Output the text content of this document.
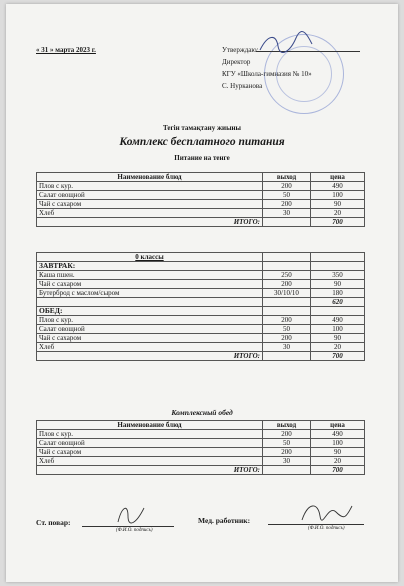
« 31 » марта 2023 г.	Утверждаю:
Директор
КГУ «Школа-гимназия № 10»
С. Нурканова
Тегін тамақтану жиыны
Комплекс бесплатного питания
Питание на тенге
Наименование блюд	выход	цена
Плов с кур.	200	490
Салат овощной	50	100
Чай с сахаром	200	90
Хлеб	30	20
ИТОГО:		700
0 классы		
ЗАВТРАК:		
Каша пшен.	250	350
Чай с сахаром	200	90
Бутерброд с маслом/сыром	30/10/10	180
		620
ОБЕД:		
Плов с кур.	200	490
Салат овощной	50	100
Чай с сахаром	200	90
Хлеб	30	20
ИТОГО:		700
Комплексный обед
Наименование блюд	выход	цена
Плов с кур.	200	490
Салат овощной	50	100
Чай с сахаром	200	90
Хлеб	30	20
ИТОГО:		700
Ст. повар:
(Ф.И.О. подпись)
Мед. работник:
(Ф.И.О. подпись)
